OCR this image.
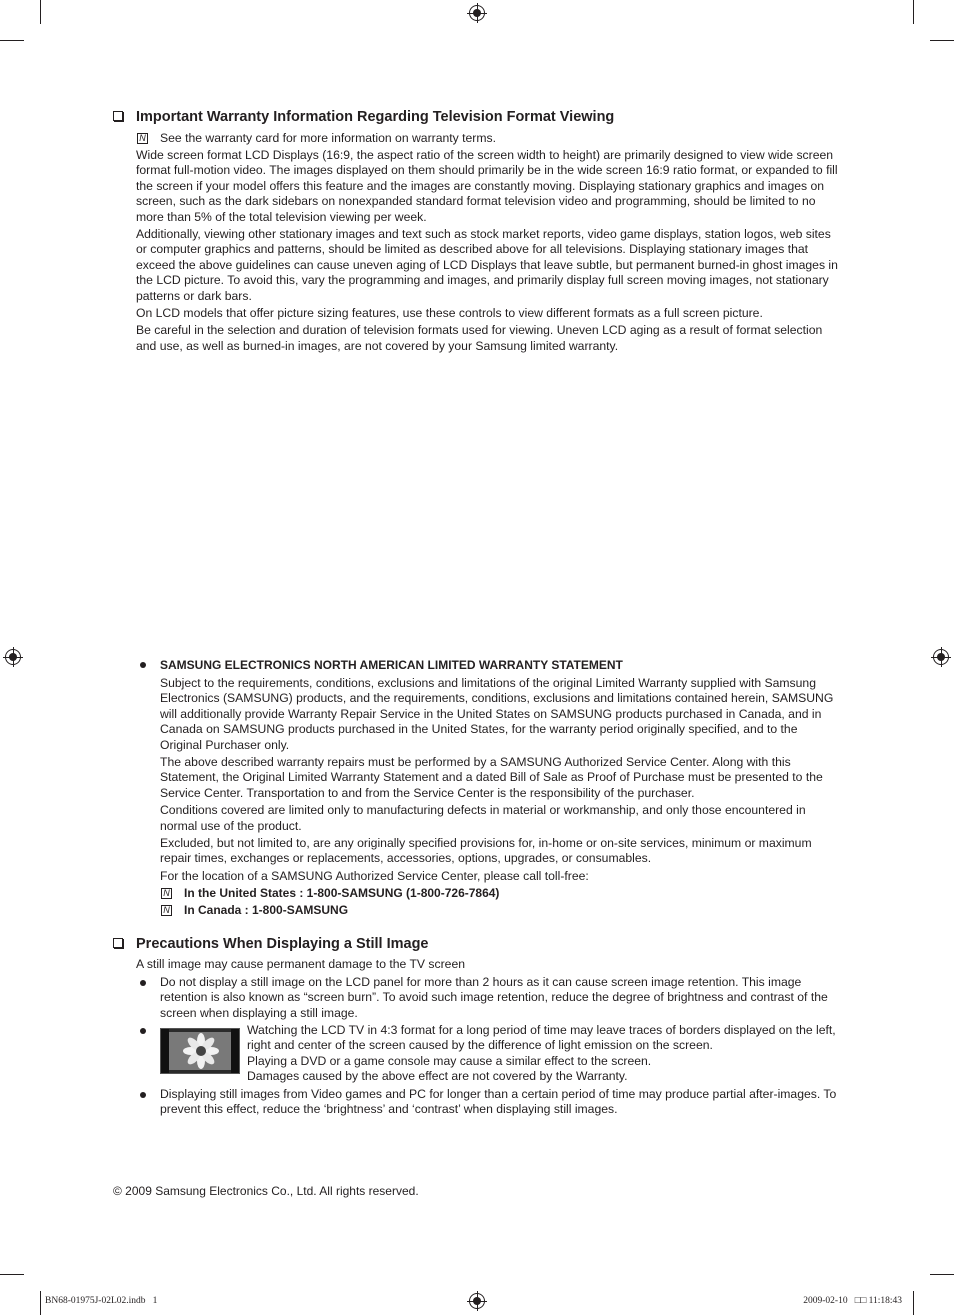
Important Warranty Information Regarding Television Format Viewing
N See the warranty card for more information on warranty terms.

Wide screen format LCD Displays (16:9, the aspect ratio of the screen width to height) are primarily designed to view wide screen format full-motion video. The images displayed on them should primarily be in the wide screen 16:9 ratio format, or expanded to fill the screen if your model offers this feature and the images are constantly moving. Displaying stationary graphics and images on screen, such as the dark sidebars on nonexpanded standard format television video and programming, should be limited to no more than 5% of the total television viewing per week.

Additionally, viewing other stationary images and text such as stock market reports, video game displays, station logos, web sites or computer graphics and patterns, should be limited as described above for all televisions. Displaying stationary images that exceed the above guidelines can cause uneven aging of LCD Displays that leave subtle, but permanent burned-in ghost images in the LCD picture. To avoid this, vary the programming and images, and primarily display full screen moving images, not stationary patterns or dark bars.

On LCD models that offer picture sizing features, use these controls to view different formats as a full screen picture.

Be careful in the selection and duration of television formats used for viewing. Uneven LCD aging as a result of format selection and use, as well as burned-in images, are not covered by your Samsung limited warranty.

SAMSUNG ELECTRONICS NORTH AMERICAN LIMITED WARRANTY STATEMENT

Subject to the requirements, conditions, exclusions and limitations of the original Limited Warranty supplied with Samsung Electronics (SAMSUNG) products, and the requirements, conditions, exclusions and limitations contained herein, SAMSUNG will additionally provide Warranty Repair Service in the United States on SAMSUNG products purchased in Canada, and in Canada on SAMSUNG products purchased in the United States, for the warranty period originally specified, and to the Original Purchaser only.

The above described warranty repairs must be performed by a SAMSUNG Authorized Service Center. Along with this Statement, the Original Limited Warranty Statement and a dated Bill of Sale as Proof of Purchase must be presented to the Service Center. Transportation to and from the Service Center is the responsibility of the purchaser.

Conditions covered are limited only to manufacturing defects in material or workmanship, and only those encountered in normal use of the product.

Excluded, but not limited to, are any originally specified provisions for, in-home or on-site services, minimum or maximum repair times, exchanges or replacements, accessories, options, upgrades, or consumables.

For the location of a SAMSUNG Authorized Service Center, please call toll-free:

N In the United States : 1-800-SAMSUNG (1-800-726-7864)
N In Canada : 1-800-SAMSUNG
Precautions When Displaying a Still Image
A still image may cause permanent damage to the TV screen
Do not display a still image on the LCD panel for more than 2 hours as it can cause screen image retention. This image retention is also known as “screen burn”. To avoid such image retention, reduce the degree of brightness and contrast of the screen when displaying a still image.

Watching the LCD TV in 4:3 format for a long period of time may leave traces of borders displayed on the left, right and center of the screen caused by the difference of light emission on the screen.

Playing a DVD or a game console may cause a similar effect to the screen.

Damages caused by the above effect are not covered by the Warranty.

Displaying still images from Video games and PC for longer than a certain period of time may produce partial after-images. To prevent this effect, reduce the ‘brightness’ and ‘contrast’ when displaying still images.
© 2009 Samsung Electronics Co., Ltd. All rights reserved.
BN68-01975J-02L02.indb   1	2009-02-10   □□ 11:18:43
